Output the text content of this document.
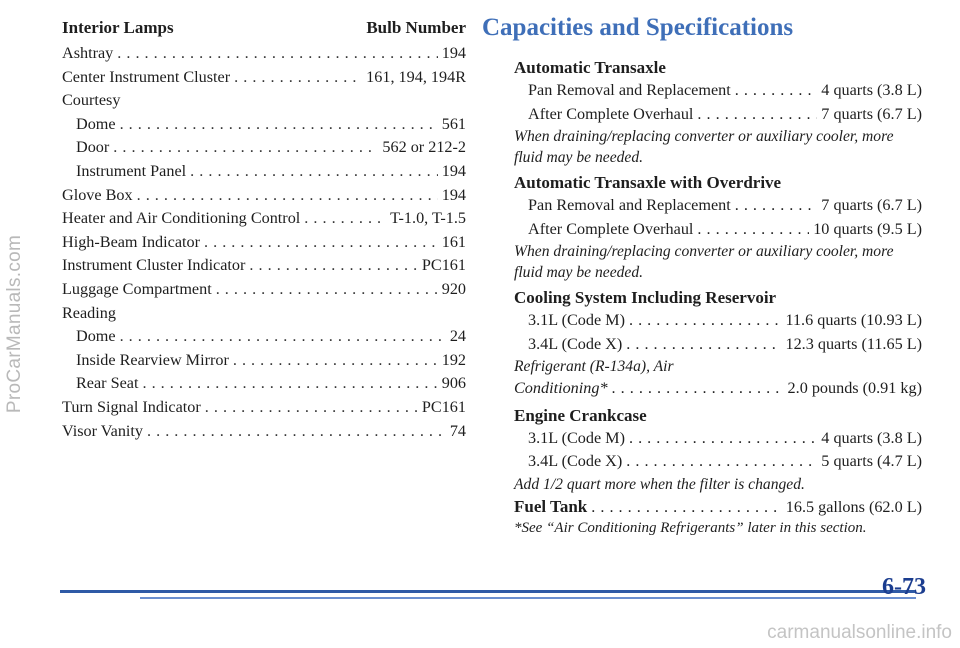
ProCarManuals.com
Interior Lamps	Bulb Number
Ashtray . . .	194
Center Instrument Cluster . . .	161, 194, 194R
Courtesy
Dome . . .	561
Door . . .	562 or 212-2
Instrument Panel . . .	194
Glove Box . . .	194
Heater and Air Conditioning Control . . .	T-1.0, T-1.5
High-Beam Indicator . . .	161
Instrument Cluster Indicator . . .	PC161
Luggage Compartment . . .	920
Reading
Dome . . .	24
Inside Rearview Mirror . . .	192
Rear Seat . . .	906
Turn Signal Indicator . . .	PC161
Visor Vanity . . .	74
Capacities and Specifications
Automatic Transaxle
Pan Removal and Replacement . . .	4 quarts (3.8 L)
After Complete Overhaul . . .	7 quarts (6.7 L)
When draining/replacing converter or auxiliary cooler, more fluid may be needed.
Automatic Transaxle with Overdrive
Pan Removal and Replacement . . .	7 quarts (6.7 L)
After Complete Overhaul . . .	10 quarts (9.5 L)
When draining/replacing converter or auxiliary cooler, more fluid may be needed.
Cooling System Including Reservoir
3.1L (Code M) . . .	11.6 quarts (10.93 L)
3.4L (Code X) . . .	12.3 quarts (11.65 L)
Refrigerant (R-134a), Air
Conditioning* . . .	2.0 pounds (0.91 kg)
Engine Crankcase
3.1L (Code M) . . .	4 quarts (3.8 L)
3.4L (Code X) . . .	5 quarts (4.7 L)
Add 1/2 quart more when the filter is changed.
Fuel Tank . . .	16.5 gallons (62.0 L)
*See “Air Conditioning Refrigerants” later in this section.
6-73
carmanualsonline.info
